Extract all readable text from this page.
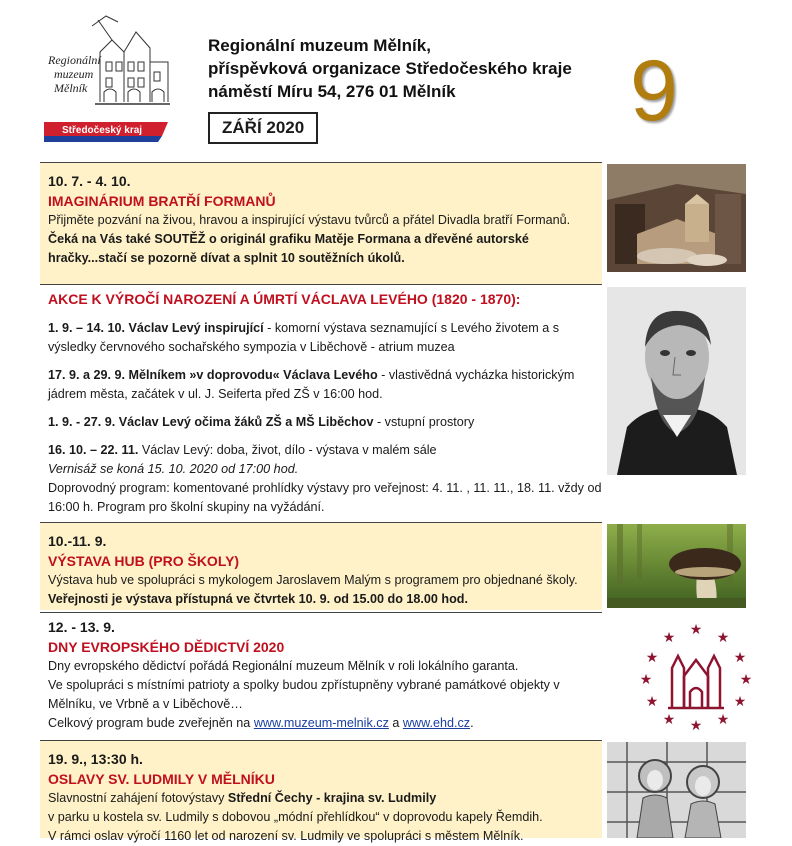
Regionální
muzeum
Mělník
Středočeský kraj
Regionální muzeum Mělník,
příspěvková organizace Středočeského kraje
náměstí Míru 54, 276 01 Mělník
ZÁŘÍ 2020	9
10. 7. - 4. 10.
IMAGINÁRIUM BRATŘÍ FORMANŮ
Přijměte pozvání na živou, hravou a inspirující výstavu tvůrců a přátel Divadla bratří Formanů. Čeká na Vás také SOUTĚŽ o originál grafiku Matěje Formana a dřevěné autorské hračky...stačí se pozorně dívat a splnit 10 soutěžních úkolů.
AKCE K VÝROČÍ NAROZENÍ A ÚMRTÍ VÁCLAVA LEVÉHO (1820 - 1870):
1. 9. – 14. 10. Václav Levý inspirující - komorní výstava seznamující s Levého životem a s výsledky červnového sochařského sympozia v Liběchově - atrium muzea
17. 9. a 29. 9. Mělníkem »v doprovodu« Václava Levého - vlastivědná vycházka historickým jádrem města, začátek v ul. J. Seiferta před ZŠ v 16:00 hod.
1. 9. - 27. 9. Václav Levý očima žáků ZŠ a MŠ Liběchov - vstupní prostory
16. 10. – 22. 11. Václav Levý: doba, život, dílo - výstava v malém sále
Vernisáž se koná 15. 10. 2020 od 17:00 hod.
Doprovodný program: komentované prohlídky výstavy pro veřejnost: 4. 11. , 11. 11., 18. 11. vždy od 16:00 h. Program pro školní skupiny na vyžádání.
10.-11. 9.
VÝSTAVA HUB (PRO ŠKOLY)
Výstava hub ve spolupráci s mykologem Jaroslavem Malým s programem pro objednané školy. Veřejnosti je výstava přístupná ve čtvrtek 10. 9. od 15.00 do 18.00 hod.
12. - 13. 9.
DNY EVROPSKÉHO DĚDICTVÍ 2020
Dny evropského dědictví pořádá Regionální muzeum Mělník v roli lokálního garanta.
Ve spolupráci s místními patrioty a spolky budou zpřístupněny vybrané památkové objekty v Mělníku, ve Vrbně a v Liběchově…
Celkový program bude zveřejněn na www.muzeum-melnik.cz a www.ehd.cz.
★ ★
★
★
★
★
★
★
★
★
★ ★
19. 9., 13:30 h.
OSLAVY SV. LUDMILY V MĚLNÍKU
Slavnostní zahájení fotovýstavy Střední Čechy - krajina sv. Ludmily
v parku u kostela sv. Ludmily s dobovou „módní přehlídkou“ v doprovodu kapely Řemdih.
V rámci oslav výročí 1160 let od narození sv. Ludmily ve spolupráci s městem Mělník.
